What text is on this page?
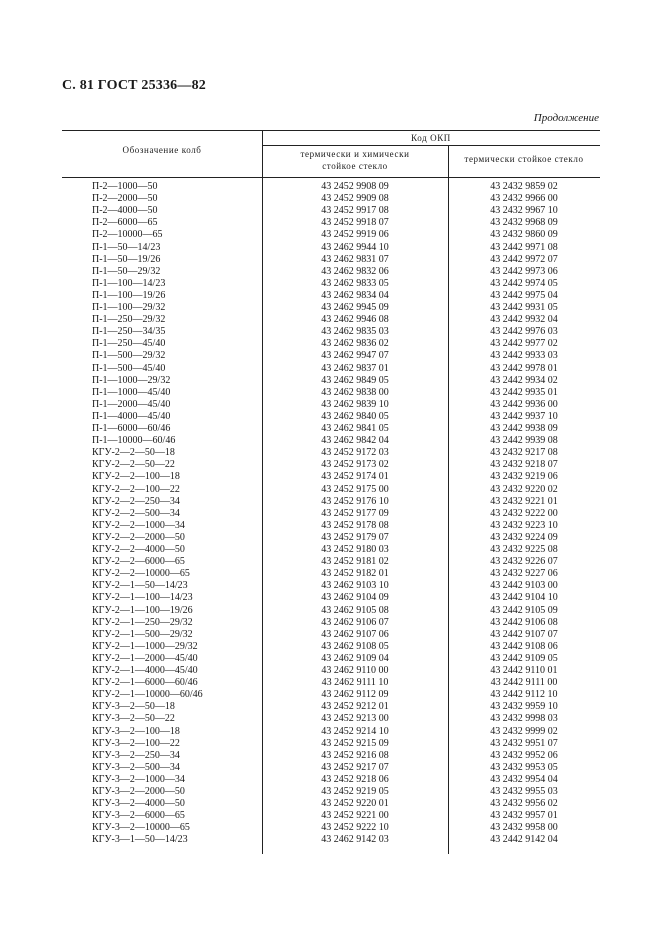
С. 81 ГОСТ 25336—82
Продолжение
Обозначение колб
Код ОКП
термически и химически стойкое стекло
термически стойкое стекло
П-2—1000—50	43 2452 9908 09	43 2432 9859 02
П-2—2000—50	43 2452 9909 08	43 2432 9966 00
П-2—4000—50	43 2452 9917 08	43 2432 9967 10
П-2—6000—65	43 2452 9918 07	43 2432 9968 09
П-2—10000—65	43 2452 9919 06	43 2432 9860 09
П-1—50—14/23	43 2462 9944 10	43 2442 9971 08
П-1—50—19/26	43 2462 9831 07	43 2442 9972 07
П-1—50—29/32	43 2462 9832 06	43 2442 9973 06
П-1—100—14/23	43 2462 9833 05	43 2442 9974 05
П-1—100—19/26	43 2462 9834 04	43 2442 9975 04
П-1—100—29/32	43 2462 9945 09	43 2442 9931 05
П-1—250—29/32	43 2462 9946 08	43 2442 9932 04
П-1—250—34/35	43 2462 9835 03	43 2442 9976 03
П-1—250—45/40	43 2462 9836 02	43 2442 9977 02
П-1—500—29/32	43 2462 9947 07	43 2442 9933 03
П-1—500—45/40	43 2462 9837 01	43 2442 9978 01
П-1—1000—29/32	43 2462 9849 05	43 2442 9934 02
П-1—1000—45/40	43 2462 9838 00	43 2442 9935 01
П-1—2000—45/40	43 2462 9839 10	43 2442 9936 00
П-1—4000—45/40	43 2462 9840 05	43 2442 9937 10
П-1—6000—60/46	43 2462 9841 05	43 2442 9938 09
П-1—10000—60/46	43 2462 9842 04	43 2442 9939 08
КГУ-2—2—50—18	43 2452 9172 03	43 2432 9217 08
КГУ-2—2—50—22	43 2452 9173 02	43 2432 9218 07
КГУ-2—2—100—18	43 2452 9174 01	43 2432 9219 06
КГУ-2—2—100—22	43 2452 9175 00	43 2432 9220 02
КГУ-2—2—250—34	43 2452 9176 10	43 2432 9221 01
КГУ-2—2—500—34	43 2452 9177 09	43 2432 9222 00
КГУ-2—2—1000—34	43 2452 9178 08	43 2432 9223 10
КГУ-2—2—2000—50	43 2452 9179 07	43 2432 9224 09
КГУ-2—2—4000—50	43 2452 9180 03	43 2432 9225 08
КГУ-2—2—6000—65	43 2452 9181 02	43 2432 9226 07
КГУ-2—2—10000—65	43 2452 9182 01	43 2432 9227 06
КГУ-2—1—50—14/23	43 2462 9103 10	43 2442 9103 00
КГУ-2—1—100—14/23	43 2462 9104 09	43 2442 9104 10
КГУ-2—1—100—19/26	43 2462 9105 08	43 2442 9105 09
КГУ-2—1—250—29/32	43 2462 9106 07	43 2442 9106 08
КГУ-2—1—500—29/32	43 2462 9107 06	43 2442 9107 07
КГУ-2—1—1000—29/32	43 2462 9108 05	43 2442 9108 06
КГУ-2—1—2000—45/40	43 2462 9109 04	43 2442 9109 05
КГУ-2—1—4000—45/40	43 2462 9110 00	43 2442 9110 01
КГУ-2—1—6000—60/46	43 2462 9111 10	43 2442 9111 00
КГУ-2—1—10000—60/46	43 2462 9112 09	43 2442 9112 10
КГУ-3—2—50—18	43 2452 9212 01	43 2432 9959 10
КГУ-3—2—50—22	43 2452 9213 00	43 2432 9998 03
КГУ-3—2—100—18	43 2452 9214 10	43 2432 9999 02
КГУ-3—2—100—22	43 2452 9215 09	43 2432 9951 07
КГУ-3—2—250—34	43 2452 9216 08	43 2432 9952 06
КГУ-3—2—500—34	43 2452 9217 07	43 2432 9953 05
КГУ-3—2—1000—34	43 2452 9218 06	43 2432 9954 04
КГУ-3—2—2000—50	43 2452 9219 05	43 2432 9955 03
КГУ-3—2—4000—50	43 2452 9220 01	43 2432 9956 02
КГУ-3—2—6000—65	43 2452 9221 00	43 2432 9957 01
КГУ-3—2—10000—65	43 2452 9222 10	43 2432 9958 00
КГУ-3—1—50—14/23	43 2462 9142 03	43 2442 9142 04
